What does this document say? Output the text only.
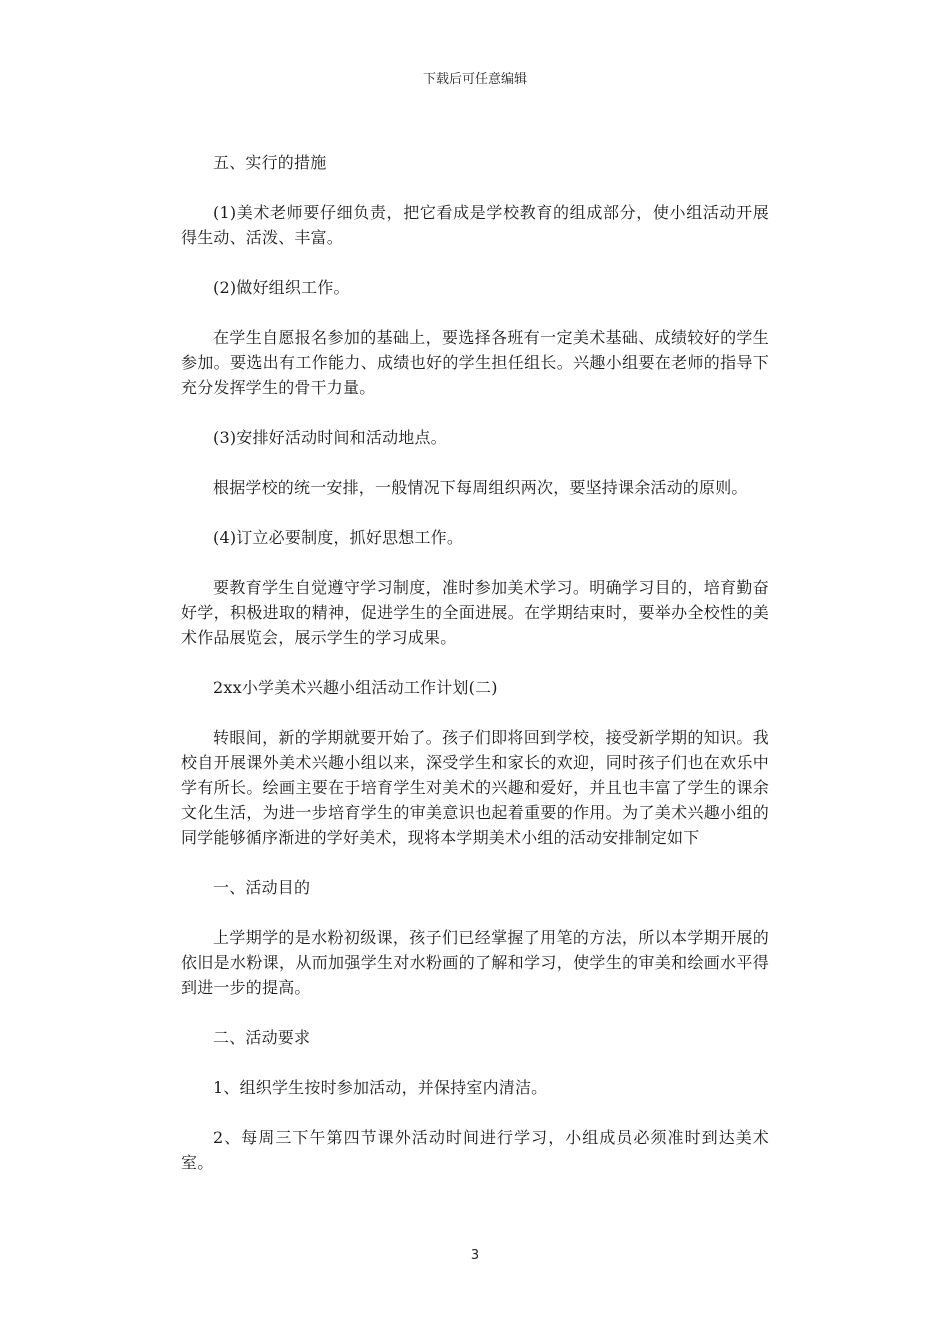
下载后可任意编辑

五、实行的措施

(1)美术老师要仔细负责，把它看成是学校教育的组成部分，使小组活动开展得生动、活泼、丰富。

(2)做好组织工作。

在学生自愿报名参加的基础上，要选择各班有一定美术基础、成绩较好的学生参加。要选出有工作能力、成绩也好的学生担任组长。兴趣小组要在老师的指导下充分发挥学生的骨干力量。

(3)安排好活动时间和活动地点。

根据学校的统一安排，一般情况下每周组织两次，要坚持课余活动的原则。

(4)订立必要制度，抓好思想工作。

要教育学生自觉遵守学习制度，准时参加美术学习。明确学习目的，培育勤奋好学，积极进取的精神，促进学生的全面进展。在学期结束时，要举办全校性的美术作品展览会，展示学生的学习成果。

2xx小学美术兴趣小组活动工作计划(二)

转眼间，新的学期就要开始了。孩子们即将回到学校，接受新学期的知识。我校自开展课外美术兴趣小组以来，深受学生和家长的欢迎，同时孩子们也在欢乐中学有所长。绘画主要在于培育学生对美术的兴趣和爱好，并且也丰富了学生的课余文化生活，为进一步培育学生的审美意识也起着重要的作用。为了美术兴趣小组的同学能够循序渐进的学好美术，现将本学期美术小组的活动安排制定如下

一、活动目的

上学期学的是水粉初级课，孩子们已经掌握了用笔的方法，所以本学期开展的依旧是水粉课，从而加强学生对水粉画的了解和学习，使学生的审美和绘画水平得到进一步的提高。

二、活动要求

1、组织学生按时参加活动，并保持室内清洁。

2、每周三下午第四节课外活动时间进行学习，小组成员必须准时到达美术室。

3
